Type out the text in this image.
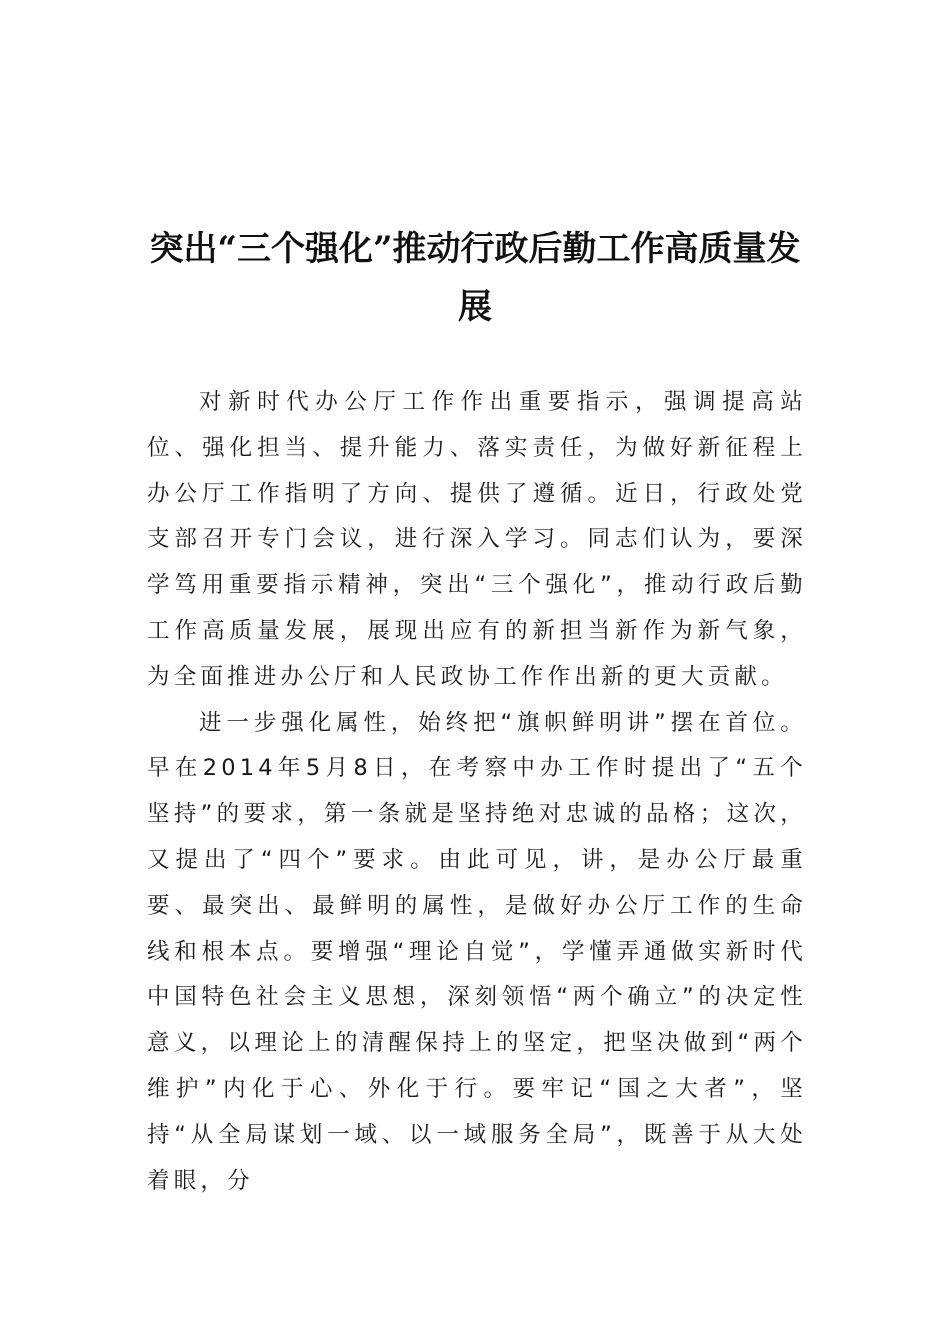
突出“三个强化”推动行政后勤工作高质量发展

对新时代办公厅工作作出重要指示，强调提高站位、强化担当、提升能力、落实责任，为做好新征程上办公厅工作指明了方向、提供了遵循。近日，行政处党支部召开专门会议，进行深入学习。同志们认为，要深学笃用重要指示精神，突出“三个强化”，推动行政后勤工作高质量发展，展现出应有的新担当新作为新气象，为全面推进办公厅和人民政协工作作出新的更大贡献。

进一步强化属性，始终把“旗帜鲜明讲”摆在首位。早在2014年5月8日，在考察中办工作时提出了“五个坚持”的要求，第一条就是坚持绝对忠诚的品格；这次，又提出了“四个”要求。由此可见，讲，是办公厅最重要、最突出、最鲜明的属性，是做好办公厅工作的生命线和根本点。要增强“理论自觉”，学懂弄通做实新时代中国特色社会主义思想，深刻领悟“两个确立”的决定性意义，以理论上的清醒保持上的坚定，把坚决做到“两个维护”内化于心、外化于行。要牢记“国之大者”，坚持“从全局谋划一域、以一域服务全局”，既善于从大处着眼，分
